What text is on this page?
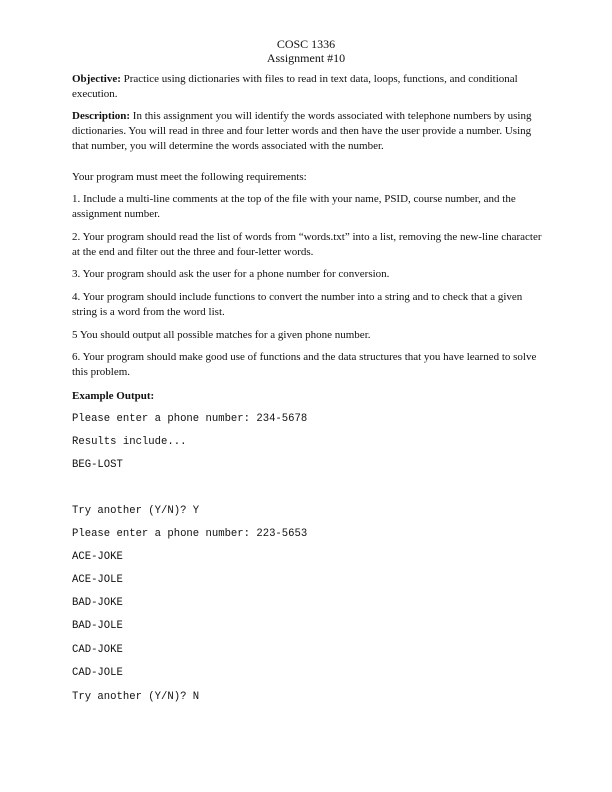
COSC 1336
Assignment #10
Objective: Practice using dictionaries with files to read in text data, loops, functions, and conditional execution.
Description: In this assignment you will identify the words associated with telephone numbers by using dictionaries. You will read in three and four letter words and then have the user provide a number. Using that number, you will determine the words associated with the number.
Your program must meet the following requirements:
1. Include a multi-line comments at the top of the file with your name, PSID, course number, and the assignment number.
2. Your program should read the list of words from “words.txt” into a list, removing the new-line character at the end and filter out the three and four-letter words.
3. Your program should ask the user for a phone number for conversion.
4. Your program should include functions to convert the number into a string and to check that a given string is a word from the word list.
5 You should output all possible matches for a given phone number.
6. Your program should make good use of functions and the data structures that you have learned to solve this problem.
Example Output:
Please enter a phone number: 234-5678
Results include...
BEG-LOST
Try another (Y/N)? Y
Please enter a phone number: 223-5653
ACE-JOKE
ACE-JOLE
BAD-JOKE
BAD-JOLE
CAD-JOKE
CAD-JOLE
Try another (Y/N)? N
